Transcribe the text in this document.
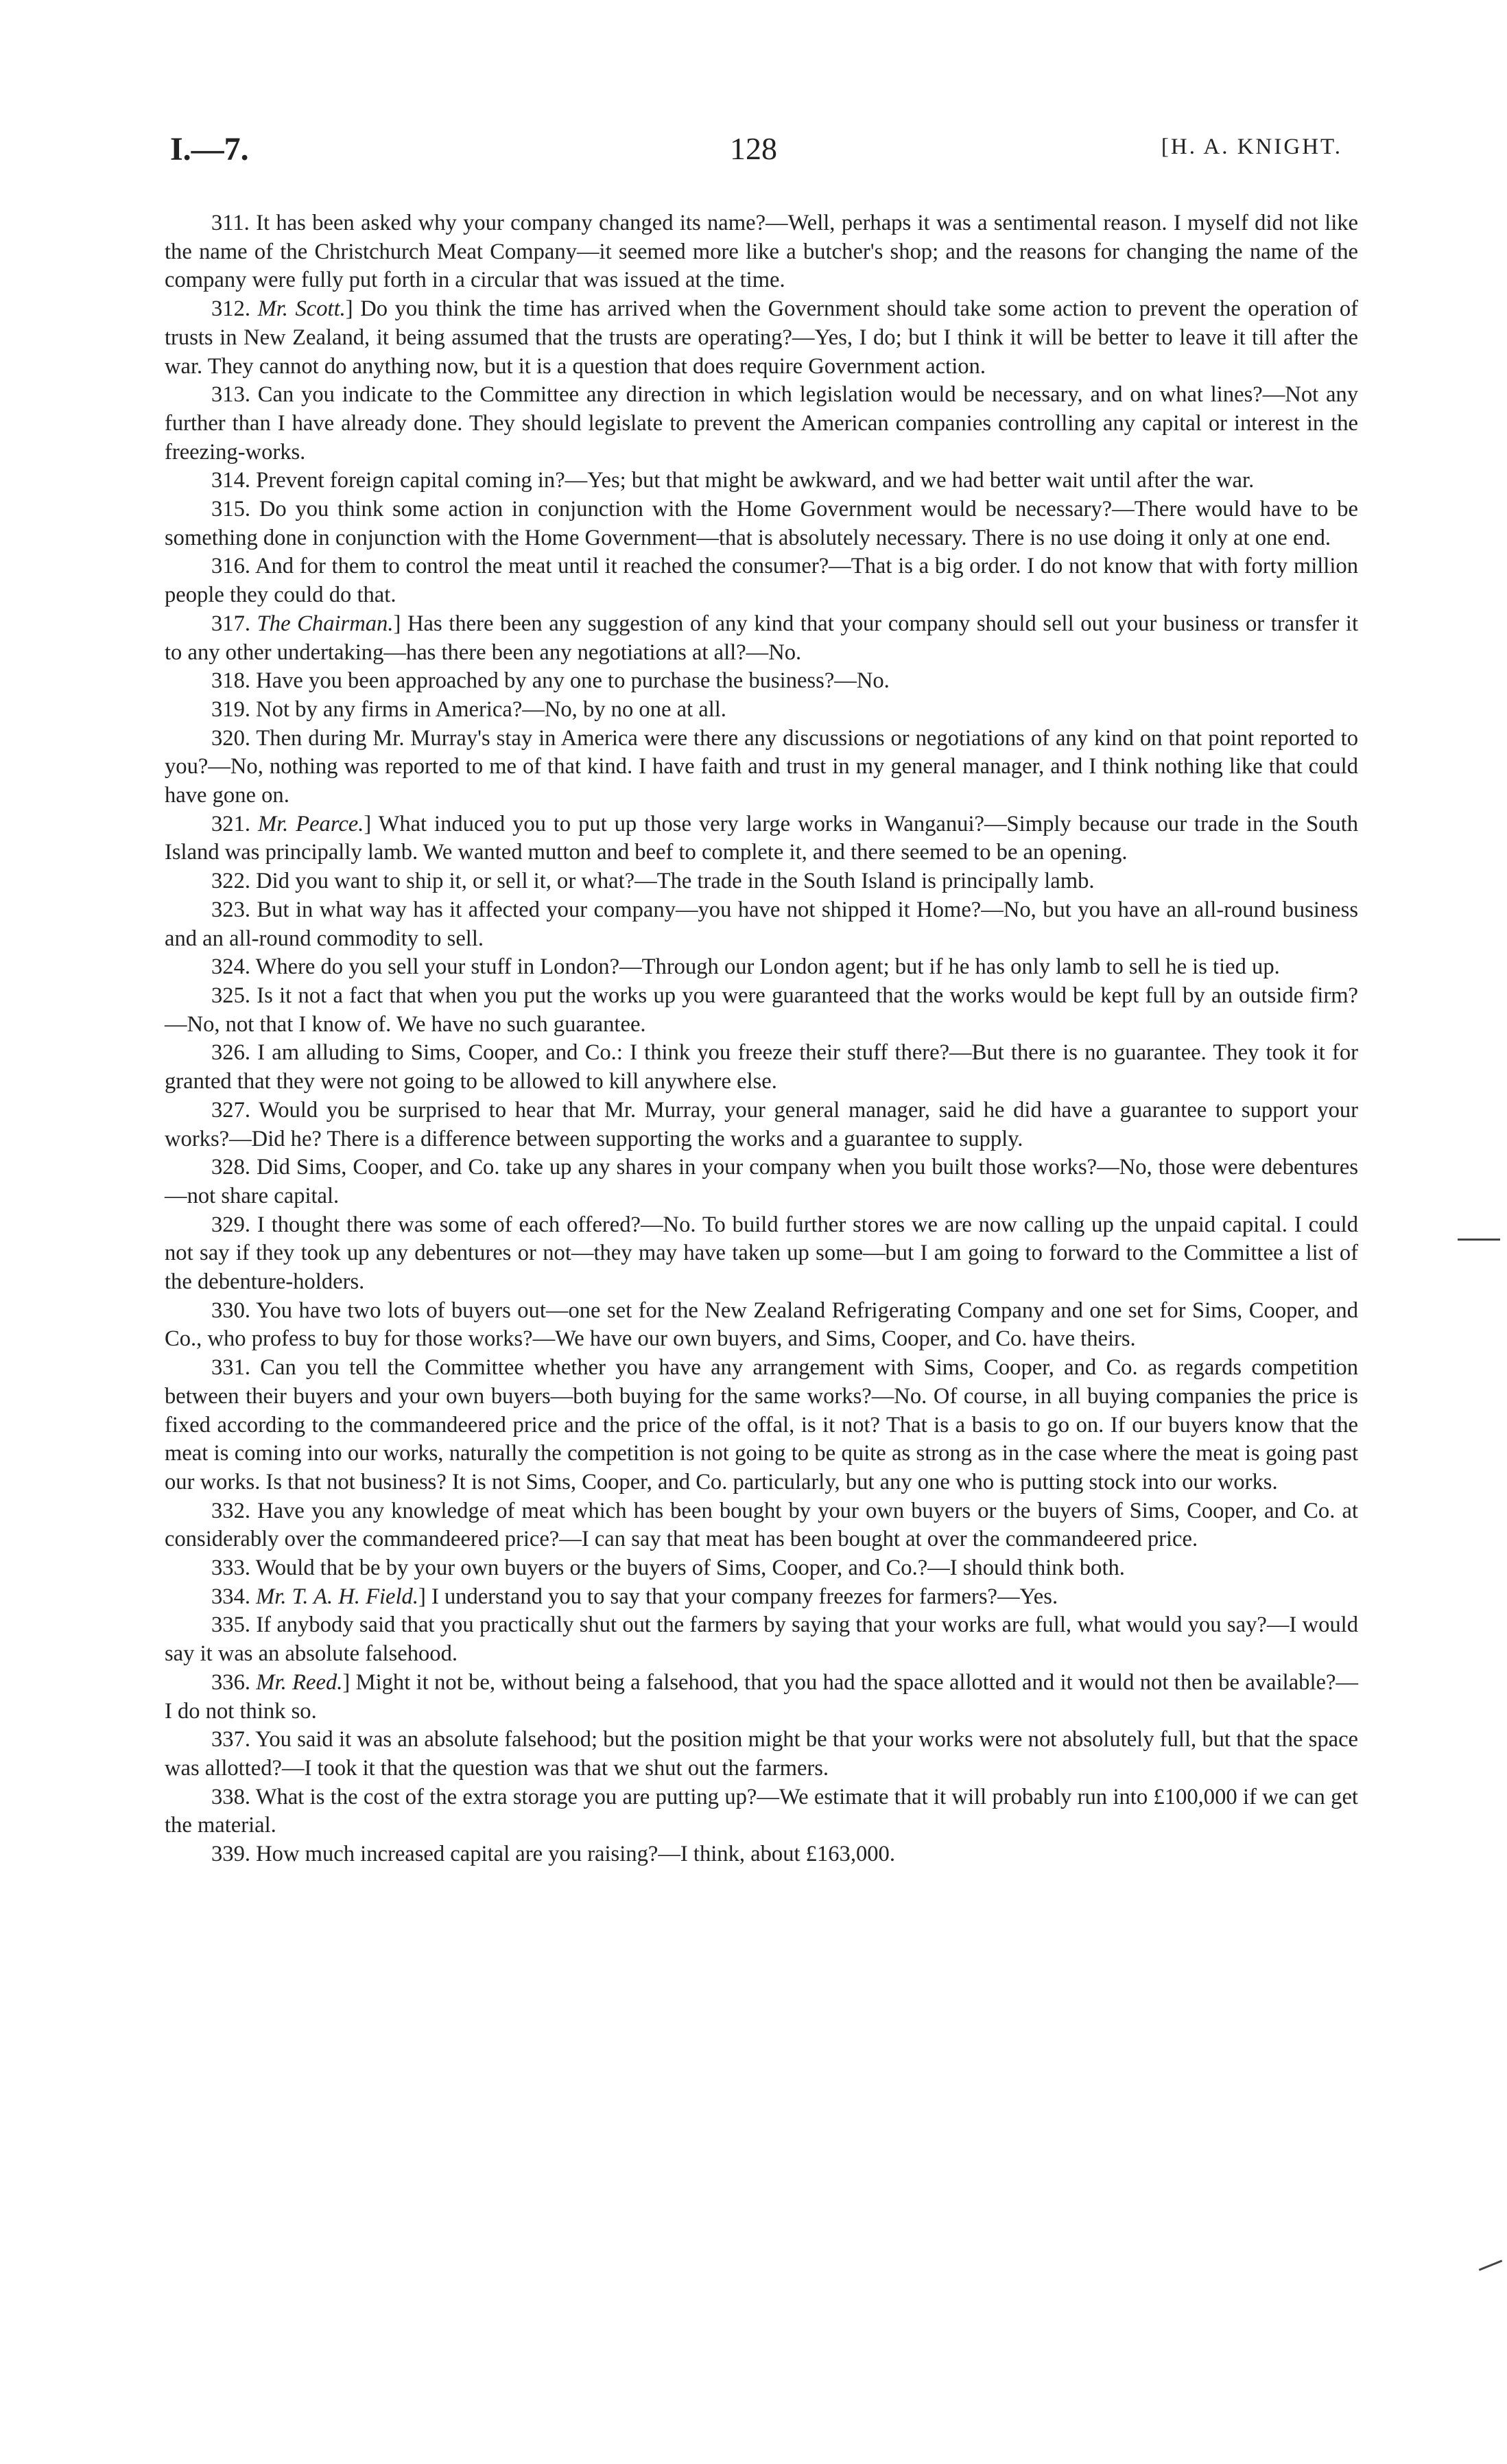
I.—7.	128	[H. A. KNIGHT.

311. It has been asked why your company changed its name?—Well, perhaps it was a sentimental reason. I myself did not like the name of the Christchurch Meat Company—it seemed more like a butcher's shop; and the reasons for changing the name of the company were fully put forth in a circular that was issued at the time.

312. Mr. Scott.] Do you think the time has arrived when the Government should take some action to prevent the operation of trusts in New Zealand, it being assumed that the trusts are operating?—Yes, I do; but I think it will be better to leave it till after the war. They cannot do anything now, but it is a question that does require Government action.

313. Can you indicate to the Committee any direction in which legislation would be necessary, and on what lines?—Not any further than I have already done. They should legislate to prevent the American companies controlling any capital or interest in the freezing-works.

314. Prevent foreign capital coming in?—Yes; but that might be awkward, and we had better wait until after the war.

315. Do you think some action in conjunction with the Home Government would be necessary?—There would have to be something done in conjunction with the Home Government—that is absolutely necessary. There is no use doing it only at one end.

316. And for them to control the meat until it reached the consumer?—That is a big order. I do not know that with forty million people they could do that.

317. The Chairman.] Has there been any suggestion of any kind that your company should sell out your business or transfer it to any other undertaking—has there been any negotiations at all?—No.

318. Have you been approached by any one to purchase the business?—No.

319. Not by any firms in America?—No, by no one at all.

320. Then during Mr. Murray's stay in America were there any discussions or negotiations of any kind on that point reported to you?—No, nothing was reported to me of that kind. I have faith and trust in my general manager, and I think nothing like that could have gone on.

321. Mr. Pearce.] What induced you to put up those very large works in Wanganui?—Simply because our trade in the South Island was principally lamb. We wanted mutton and beef to complete it, and there seemed to be an opening.

322. Did you want to ship it, or sell it, or what?—The trade in the South Island is principally lamb.

323. But in what way has it affected your company—you have not shipped it Home?—No, but you have an all-round business and an all-round commodity to sell.

324. Where do you sell your stuff in London?—Through our London agent; but if he has only lamb to sell he is tied up.

325. Is it not a fact that when you put the works up you were guaranteed that the works would be kept full by an outside firm?—No, not that I know of. We have no such guarantee.

326. I am alluding to Sims, Cooper, and Co.: I think you freeze their stuff there?—But there is no guarantee. They took it for granted that they were not going to be allowed to kill anywhere else.

327. Would you be surprised to hear that Mr. Murray, your general manager, said he did have a guarantee to support your works?—Did he? There is a difference between supporting the works and a guarantee to supply.

328. Did Sims, Cooper, and Co. take up any shares in your company when you built those works?—No, those were debentures—not share capital.

329. I thought there was some of each offered?—No. To build further stores we are now calling up the unpaid capital. I could not say if they took up any debentures or not—they may have taken up some—but I am going to forward to the Committee a list of the debenture-holders.

330. You have two lots of buyers out—one set for the New Zealand Refrigerating Company and one set for Sims, Cooper, and Co., who profess to buy for those works?—We have our own buyers, and Sims, Cooper, and Co. have theirs.

331. Can you tell the Committee whether you have any arrangement with Sims, Cooper, and Co. as regards competition between their buyers and your own buyers—both buying for the same works?—No. Of course, in all buying companies the price is fixed according to the commandeered price and the price of the offal, is it not? That is a basis to go on. If our buyers know that the meat is coming into our works, naturally the competition is not going to be quite as strong as in the case where the meat is going past our works. Is that not business? It is not Sims, Cooper, and Co. particularly, but any one who is putting stock into our works.

332. Have you any knowledge of meat which has been bought by your own buyers or the buyers of Sims, Cooper, and Co. at considerably over the commandeered price?—I can say that meat has been bought at over the commandeered price.

333. Would that be by your own buyers or the buyers of Sims, Cooper, and Co.?—I should think both.

334. Mr. T. A. H. Field.] I understand you to say that your company freezes for farmers?—Yes.

335. If anybody said that you practically shut out the farmers by saying that your works are full, what would you say?—I would say it was an absolute falsehood.

336. Mr. Reed.] Might it not be, without being a falsehood, that you had the space allotted and it would not then be available?—I do not think so.

337. You said it was an absolute falsehood; but the position might be that your works were not absolutely full, but that the space was allotted?—I took it that the question was that we shut out the farmers.

338. What is the cost of the extra storage you are putting up?—We estimate that it will probably run into £100,000 if we can get the material.

339. How much increased capital are you raising?—I think, about £163,000.
